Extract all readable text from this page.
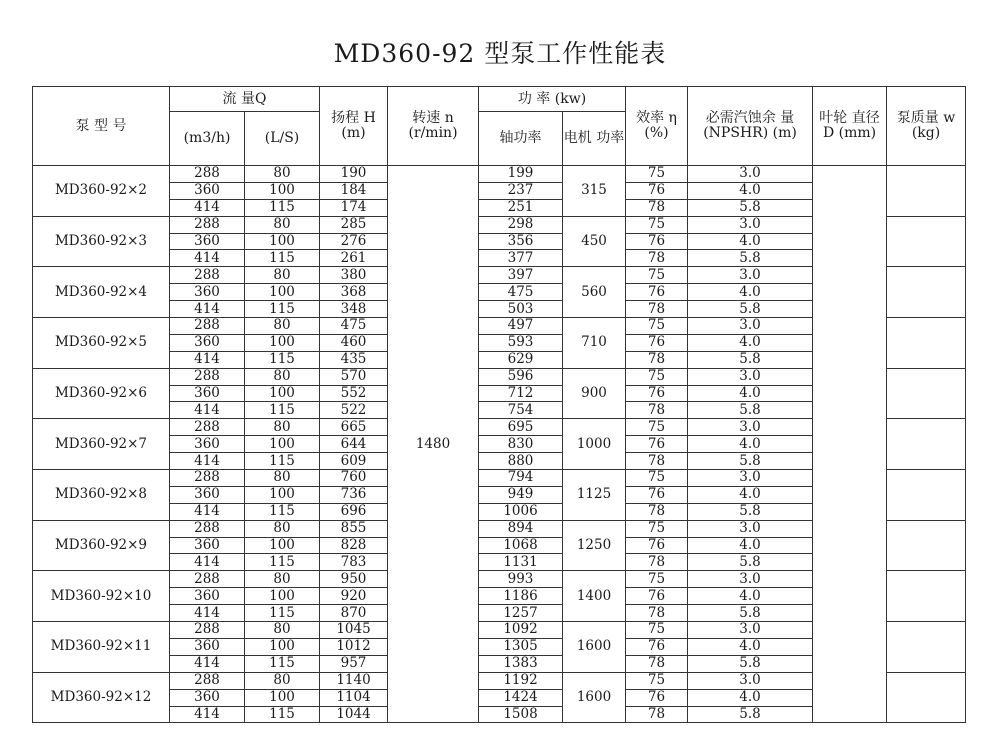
MD360-92 型泵工作性能表
泵 型 号	流 量Q		扬程 H (m)	转速 n (r/min)	功 率 (kw)		效率 η (%)	必需汽蚀余 量(NPSHR) (m)	叶轮 直径 D (mm)	泵质量 w (kg)
	(m3/h)	(L/S)			轴功率	电机 功率				
MD360-92×2	288	80	190	1480	199	315	75	3.0		
	360	100	184		237		76	4.0		
	414	115	174		251		78	5.8		
MD360-92×3	288	80	285		298	450	75	3.0		
	360	100	276		356		76	4.0		
	414	115	261		377		78	5.8		
MD360-92×4	288	80	380		397	560	75	3.0		
	360	100	368		475		76	4.0		
	414	115	348		503		78	5.8		
MD360-92×5	288	80	475		497	710	75	3.0		
	360	100	460		593		76	4.0		
	414	115	435		629		78	5.8		
MD360-92×6	288	80	570		596	900	75	3.0		
	360	100	552		712		76	4.0		
	414	115	522		754		78	5.8		
MD360-92×7	288	80	665		695	1000	75	3.0		
	360	100	644		830		76	4.0		
	414	115	609		880		78	5.8		
MD360-92×8	288	80	760		794	1125	75	3.0		
	360	100	736		949		76	4.0		
	414	115	696		1006		78	5.8		
MD360-92×9	288	80	855		894	1250	75	3.0		
	360	100	828		1068		76	4.0		
	414	115	783		1131		78	5.8		
MD360-92×10	288	80	950		993	1400	75	3.0		
	360	100	920		1186		76	4.0		
	414	115	870		1257		78	5.8		
MD360-92×11	288	80	1045		1092	1600	75	3.0		
	360	100	1012		1305		76	4.0		
	414	115	957		1383		78	5.8		
MD360-92×12	288	80	1140		1192	1600	75	3.0		
	360	100	1104		1424		76	4.0		
	414	115	1044		1508		78	5.8		
